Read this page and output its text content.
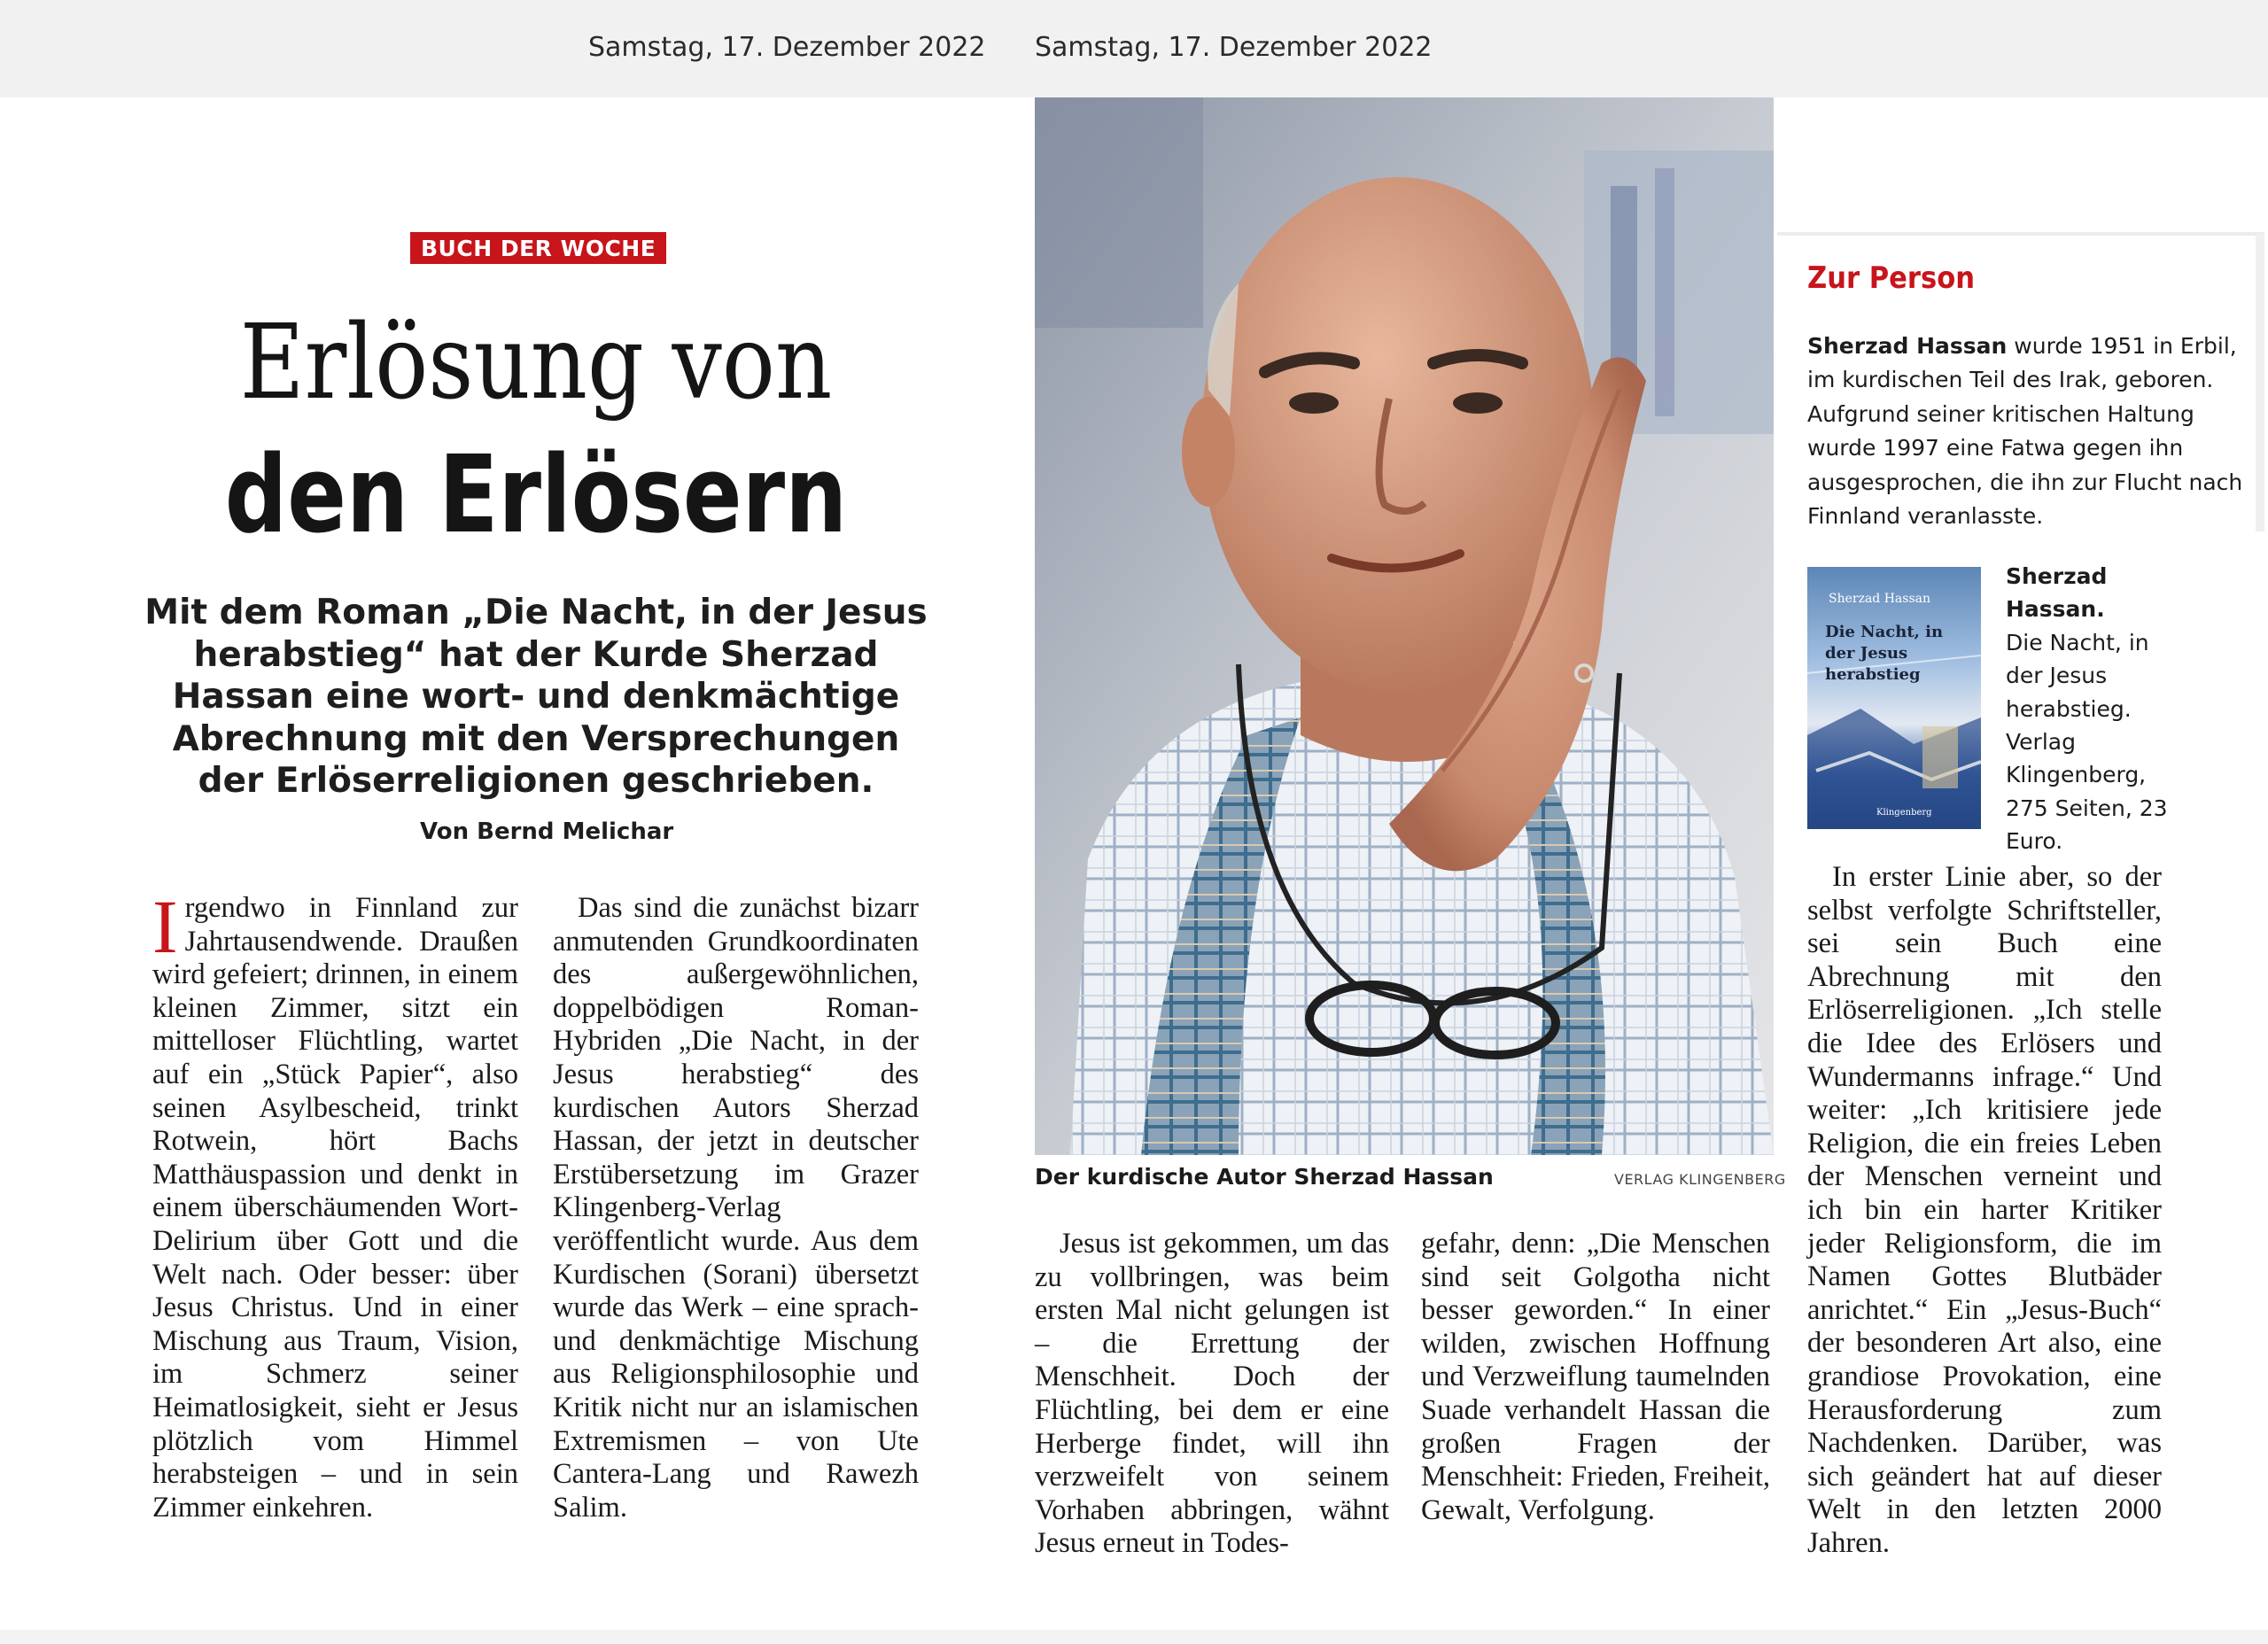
Samstag, 17. Dezember 2022 Samstag, 17. Dezember 2022
BUCH DER WOCHE
Erlösung von
den Erlösern

Mit dem Roman „Die Nacht, in der Jesus herabstieg“ hat der Kurde Sherzad Hassan eine wort- und denkmächtige Abrechnung mit den Versprechungen der Erlöserreligionen geschrieben.

Von Bernd Melichar
I rgendwo in Finnland zur Jahrtausendwende. Draußen wird gefeiert; drinnen, in einem kleinen Zimmer, sitzt ein mittelloser Flüchtling, wartet auf ein „Stück Papier“, also seinen Asylbescheid, trinkt Rotwein, hört Bachs Matthäuspassion und denkt in einem überschäumenden Wort-Delirium über Gott und die Welt nach. Oder besser: über Jesus Christus. Und in einer Mischung aus Traum, Vision, im Schmerz seiner Heimatlosigkeit, sieht er Jesus plötzlich vom Himmel herabsteigen – und in sein Zimmer einkehren.

Das sind die zunächst bizarr anmutenden Grundkoordinaten des außergewöhnlichen, doppelbödigen Roman-Hybriden „Die Nacht, in der Jesus herabstieg“ des kurdischen Autors Sherzad Hassan, der jetzt in deutscher Erstübersetzung im Grazer Klingenberg-Verlag veröffentlicht wurde. Aus dem Kurdischen (Sorani) übersetzt wurde das Werk – eine sprach- und denkmächtige Mischung aus Religionsphilosophie und Kritik nicht nur an islamischen Extremismen – von Ute Cantera-Lang und Rawezh Salim.

Der kurdische Autor Sherzad Hassan	VERLAG KLINGENBERG

Jesus ist gekommen, um das zu vollbringen, was beim ersten Mal nicht gelungen ist – die Errettung der Menschheit. Doch der Flüchtling, bei dem er eine Herberge findet, will ihn verzweifelt von seinem Vorhaben abbringen, wähnt Jesus erneut in Todes-

gefahr, denn: „Die Menschen sind seit Golgotha nicht besser geworden.“ In einer wilden, zwischen Hoffnung und Verzweiflung taumelnden Suade verhandelt Hassan die großen Fragen der Menschheit: Frieden, Freiheit, Gewalt, Verfolgung.

Zur Person
Sherzad Hassan wurde 1951 in Erbil, im kurdischen Teil des Irak, geboren. Aufgrund seiner kritischen Haltung wurde 1997 eine Fatwa gegen ihn ausgesprochen, die ihn zur Flucht nach Finnland veranlasste.
Sherzad Hassan
Die Nacht, in der Jesus herabstieg
Klingenberg
Sherzad Hassan.
Die Nacht, in der Jesus herabstieg. Verlag Klingenberg, 275 Seiten, 23 Euro.

In erster Linie aber, so der selbst verfolgte Schriftsteller, sei sein Buch eine Abrechnung mit den Erlöserreligionen. „Ich stelle die Idee des Erlösers und Wundermanns infrage.“ Und weiter: „Ich kritisiere jede Religion, die ein freies Leben der Menschen verneint und ich bin ein harter Kritiker jeder Religionsform, die im Namen Gottes Blutbäder anrichtet.“ Ein „Jesus-Buch“ der besonderen Art also, eine grandiose Provokation, eine Herausforderung zum Nachdenken. Darüber, was sich geändert hat auf dieser Welt in den letzten 2000 Jahren.
